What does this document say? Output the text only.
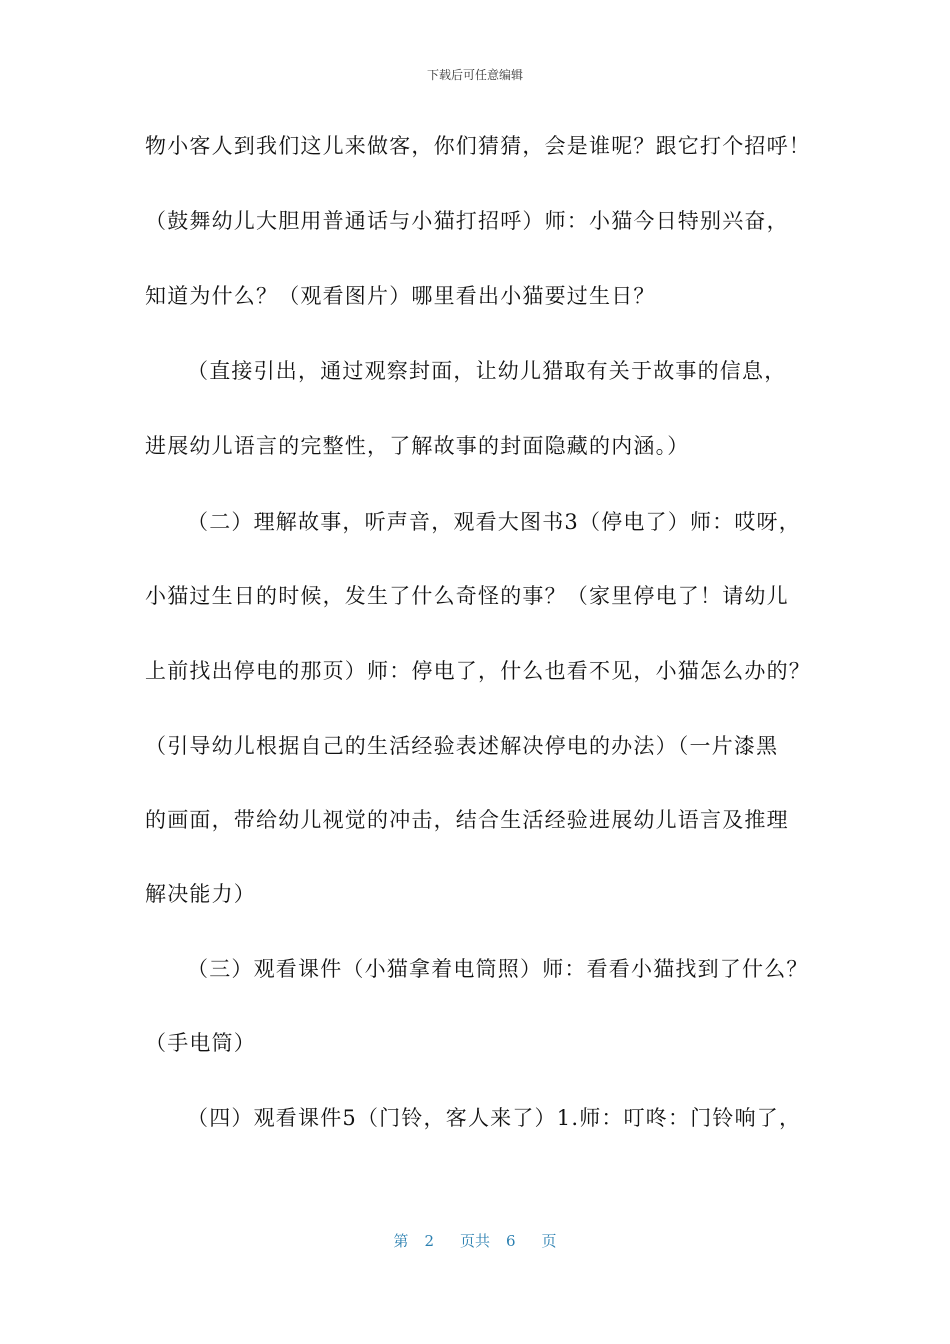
下载后可任意编辑
物小客人到我们这儿来做客，你们猜猜，会是谁呢？跟它打个招呼！
（鼓舞幼儿大胆用普通话与小猫打招呼）师：小猫今日特别兴奋，
知道为什么？（观看图片）哪里看出小猫要过生日？
（直接引出，通过观察封面，让幼儿猎取有关于故事的信息，
进展幼儿语言的完整性，了解故事的封面隐藏的内涵。）
（二）理解故事，听声音，观看大图书3（停电了）师：哎呀，
小猫过生日的时候，发生了什么奇怪的事？（家里停电了！请幼儿
上前找出停电的那页）师：停电了，什么也看不见，小猫怎么办的？
（引导幼儿根据自己的生活经验表述解决停电的办法）（一片漆黑
的画面，带给幼儿视觉的冲击，结合生活经验进展幼儿语言及推理
解决能力）
（三）观看课件（小猫拿着电筒照）师：看看小猫找到了什么？
（手电筒）
（四）观看课件5（门铃，客人来了）1.师：叮咚：门铃响了，
第 2 页共 6 页
